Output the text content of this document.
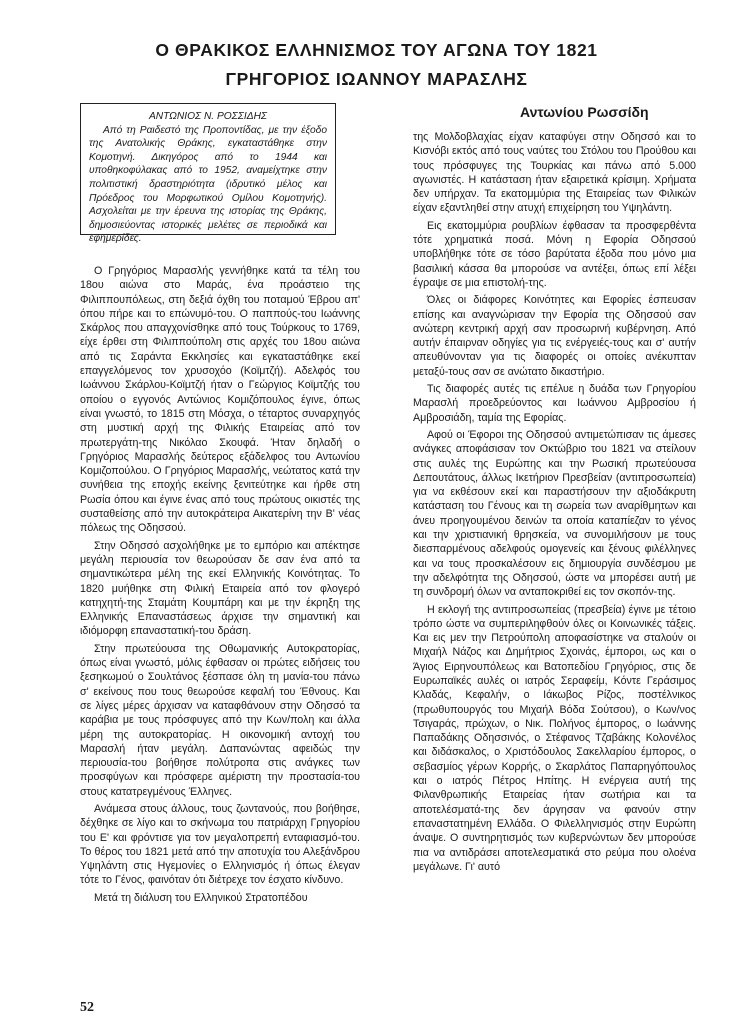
Ο ΘΡΑΚΙΚΟΣ ΕΛΛΗΝΙΣΜΟΣ ΤΟΥ ΑΓΩΝΑ ΤΟΥ 1821
ΓΡΗΓΟΡΙΟΣ ΙΩΑΝΝΟΥ ΜΑΡΑΣΛΗΣ

ΑΝΤΩΝΙΟΣ Ν. ΡΟΣΣΙΔΗΣ

Από τη Ραιδεστό της Προποντίδας, με την έξοδο της Ανατολικής Θράκης, εγκαταστάθηκε στην Κομοτηνή. Δικηγόρος από το 1944 και υποθηκοφύλακας από το 1952, αναμείχτηκε στην πολιτιστική δραστηριότητα (ιδρυτικό μέλος και Πρόεδρος του Μορφωτικού Ομίλου Κομοτηνής). Ασχολείται με την έρευνα της ιστορίας της Θράκης, δημοσιεύοντας ιστορικές μελέτες σε περιοδικά και εφημερίδες.

Αντωνίου Ρωσσίδη

Ο Γρηγόριος Μαρασλής γεννήθηκε κατά τα τέλη του 18ου αιώνα στο Μαράς, ένα προάστειο της Φιλιππουπόλεως, στη δεξιά όχθη του ποταμού Έβρου απ' όπου πήρε και το επώνυμό-του. Ο παππούς-του Ιωάννης Σκάρλος που απαγχονίσθηκε από τους Τούρκους το 1769, είχε έρθει στη Φιλιππούπολη στις αρχές του 18ου αιώνα από τις Σαράντα Εκκλησίες και εγκαταστάθηκε εκεί επαγγελόμενος τον χρυσοχόο (Κοϊμτζή). Αδελφός του Ιωάννου Σκάρλου-Κοϊμτζή ήταν ο Γεώργιος Κοϊμτζής του οποίου ο εγγονός Αντώνιος Κομιζόπουλος έγινε, όπως είναι γνωστό, το 1815 στη Μόσχα, ο τέταρτος συναρχηγός στη μυστική αρχή της Φιλικής Εταιρείας από τον πρωτεργάτη-της Νικόλαο Σκουφά. Ήταν δηλαδή ο Γρηγόριος Μαρασλής δεύτερος εξάδελφος του Αντωνίου Κομιζοπούλου. Ο Γρηγόριος Μαρασλής, νεώτατος κατά την συνήθεια της εποχής εκείνης ξενιτεύτηκε και ήρθε στη Ρωσία όπου και έγινε ένας από τους πρώτους οικιστές της συσταθείσης από την αυτοκράτειρα Αικατερίνη την Β' νέας πόλεως της Οδησσού.

Στην Οδησσό ασχολήθηκε με το εμπόριο και απέκτησε μεγάλη περιουσία τον θεωρούσαν δε σαν ένα από τα σημαντικώτερα μέλη της εκεί Ελληνικής Κοινότητας. Το 1820 μυήθηκε στη Φιλική Εταιρεία από τον φλογερό κατηχητή-της Σταμάτη Κουμπάρη και με την έκρηξη της Ελληνικής Επαναστάσεως άρχισε την σημαντική και ιδιόμορφη επαναστατική-του δράση.

Στην πρωτεύουσα της Οθωμανικής Αυτοκρατορίας, όπως είναι γνωστό, μόλις έφθασαν οι πρώτες ειδήσεις του ξεσηκωμού ο Σουλτάνος ξέσπασε όλη τη μανία-του πάνω σ' εκείνους που τους θεωρούσε κεφαλή του Έθνους. Και σε λίγες μέρες άρχισαν να καταφθάνουν στην Οδησσό τα καράβια με τους πρόσφυγες από την Κων/πολη και άλλα μέρη της αυτοκρατορίας. Η οικονομική αντοχή του Μαρασλή ήταν μεγάλη. Δαπανώντας αφειδώς την περιουσία-του βοήθησε πολύτροπα στις ανάγκες των προσφύγων και πρόσφερε αμέριστη την προστασία-του στους κατατρεγμένους Έλληνες.

Ανάμεσα στους άλλους, τους ζωντανούς, που βοήθησε, δέχθηκε σε λίγο και το σκήνωμα του πατριάρχη Γρηγορίου του Ε' και φρόντισε για τον μεγαλοπρεπή ενταφιασμό-του. Το θέρος του 1821 μετά από την αποτυχία του Αλεξάνδρου Υψηλάντη στις Ηγεμονίες ο Ελληνισμός ή όπως έλεγαν τότε το Γένος, φαινόταν ότι διέτρεχε τον έσχατο κίνδυνο.

Μετά τη διάλυση του Ελληνικού Στρατοπέδου

της Μολδοβλαχίας είχαν καταφύγει στην Οδησσό και το Κισνόβι εκτός από τους ναύτες του Στόλου του Προύθου και τους πρόσφυγες της Τουρκίας και πάνω από 5.000 αγωνιστές. Η κατάσταση ήταν εξαιρετικά κρίσιμη. Χρήματα δεν υπήρχαν. Τα εκατομμύρια της Εταιρείας των Φιλικών είχαν εξαντληθεί στην ατυχή επιχείρηση του Υψηλάντη.

Εις εκατομμύρια ρουβλίων έφθασαν τα προσφερθέντα τότε χρηματικά ποσά. Μόνη η Εφορία Οδησσού υποβλήθηκε τότε σε τόσο βαρύτατα έξοδα που μόνο μια βασιλική κάσσα θα μπορούσε να αντέξει, όπως επί λέξει έγραψε σε μια επιστολή-της.

Όλες οι διάφορες Κοινότητες και Εφορίες έσπευσαν επίσης και αναγνώρισαν την Εφορία της Οδησσού σαν ανώτερη κεντρική αρχή σαν προσωρινή κυβέρνηση. Από αυτήν έπαιρναν οδηγίες για τις ενέργειές-τους και σ' αυτήν απευθύνονταν για τις διαφορές οι οποίες ανέκυπταν μεταξύ-τους σαν σε ανώτατο δικαστήριο.

Τις διαφορές αυτές τις επέλυε η δυάδα των Γρηγορίου Μαρασλή προεδρεύοντος και Ιωάννου Αμβροσίου ή Αμβροσιάδη, ταμία της Εφορίας.

Αφού οι Έφοροι της Οδησσού αντιμετώπισαν τις άμεσες ανάγκες αποφάσισαν τον Οκτώβριο του 1821 να στείλουν στις αυλές της Ευρώπης και την Ρωσική πρωτεύουσα Δεπουτάτους, άλλως Ικετήριον Πρεσβείαν (αντιπροσωπεία) για να εκθέσουν εκεί και παραστήσουν την αξιοδάκρυτη κατάσταση του Γένους και τη σωρεία των αναρίθμητων και άνευ προηγουμένου δεινών τα οποία καταπίεζαν το γένος και την χριστιανική θρησκεία, να συνομιλήσουν με τους διεσπαρμένους αδελφούς ομογενείς και ξένους φιλέλληνες και να τους προσκαλέσουν εις δημιουργία συνδέσμου με την αδελφότητα της Οδησσού, ώστε να μπορέσει αυτή με τη συνδρομή όλων να ανταποκριθεί εις τον σκοπόν-της.

Η εκλογή της αντιπροσωπείας (πρεσβεία) έγινε με τέτοιο τρόπο ώστε να συμπεριληφθούν όλες οι Κοινωνικές τάξεις. Και εις μεν την Πετρούπολη αποφασίστηκε να σταλούν οι Μιχαήλ Νάζος και Δημήτριος Σχοινάς, έμποροι, ως και ο Άγιος Ειρηνουπόλεως και Βατοπεδίου Γρηγόριος, στις δε Ευρωπαϊκές αυλές οι ιατρός Σεραφείμ, Κόντε Γεράσιμος Κλαδάς, Κεφαλήν, ο Ιάκωβος Ρίζος, ποστέλνικος (πρωθυπουργός του Μιχαήλ Βόδα Σούτσου), ο Κων/νος Τσιγαράς, πρώχων, ο Νικ. Πολήνος έμπορος, ο Ιωάννης Παπαδάκης Οδησσινός, ο Στέφανος Τζαβάκης Κολονέλος και διδάσκαλος, ο Χριστόδουλος Σακελλαρίου έμπορος, ο σεβασμίος γέρων Κορρής, ο Σκαρλάτος Παπαρηγόπουλος και ο ιατρός Πέτρος Ηπίτης. Η ενέργεια αυτή της Φιλανθρωπικής Εταιρείας ήταν σωτήρια και τα αποτελέσματά-της δεν άργησαν να φανούν στην επαναστατημένη Ελλάδα. Ο Φιλελληνισμός στην Ευρώπη άναψε. Ο συντηρητισμός των κυβερνώντων δεν μπορούσε πια να αντιδράσει αποτελεσματικά στο ρεύμα που ολοένα μεγάλωνε. Γι' αυτό

52
